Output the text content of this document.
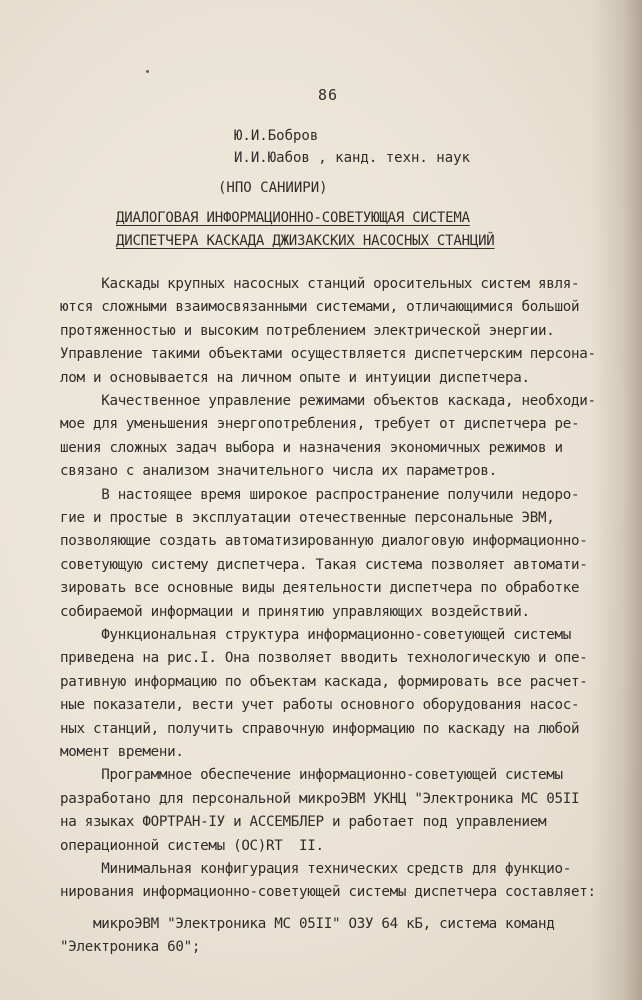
86
Ю.И.Бобров
И.И.Юабов , канд. техн. наук
(НПО САНИИРИ)
ДИАЛОГОВАЯ ИНФОРМАЦИОННО-СОВЕТУЮЩАЯ СИСТЕМА
ДИСПЕТЧЕРА КАСКАДА ДЖИЗАКСКИХ НАСОСНЫХ СТАНЦИЙ
Каскады крупных насосных станций оросительных систем явля-
ются сложными взаимосвязанными системами, отличающимися большой
протяженностью и высоким потреблением электрической энергии.
Управление такими объектами осуществляется диспетчерским персона-
лом и основывается на личном опыте и интуиции диспетчера.
Качественное управление режимами объектов каскада, необходи-
мое для уменьшения энергопотребления, требует от диспетчера ре-
шения сложных задач выбора и назначения экономичных режимов и
связано с анализом значительного числа их параметров.
В настоящее время широкое распространение получили недоро-
гие и простые в эксплуатации отечественные персональные ЭВМ,
позволяющие создать автоматизированную диалоговую информационно-
советующую систему диспетчера. Такая система позволяет автомати-
зировать все основные виды деятельности диспетчера по обработке
собираемой информации и принятию управляющих воздействий.
Функциональная структура информационно-советующей системы
приведена на рис.I. Она позволяет вводить технологическую и опе-
ративную информацию по объектам каскада, формировать все расчет-
ные показатели, вести учет работы основного оборудования насос-
ных станций, получить справочную информацию по каскаду на любой
момент времени.
Программное обеспечение информационно-советующей системы
разработано для персональной микроЭВМ УКНЦ "Электроника МС 05II
на языках ФОРТРАН-IУ и АССЕМБЛЕР и работает под управлением
операционной системы (ОС)RT  II.
Минимальная конфигурация технических средств для функцио-
нирования информационно-советующей системы диспетчера составляет:
микроЭВМ "Электроника МС 05II" ОЗУ 64 кБ, система команд
"Электроника 60";
